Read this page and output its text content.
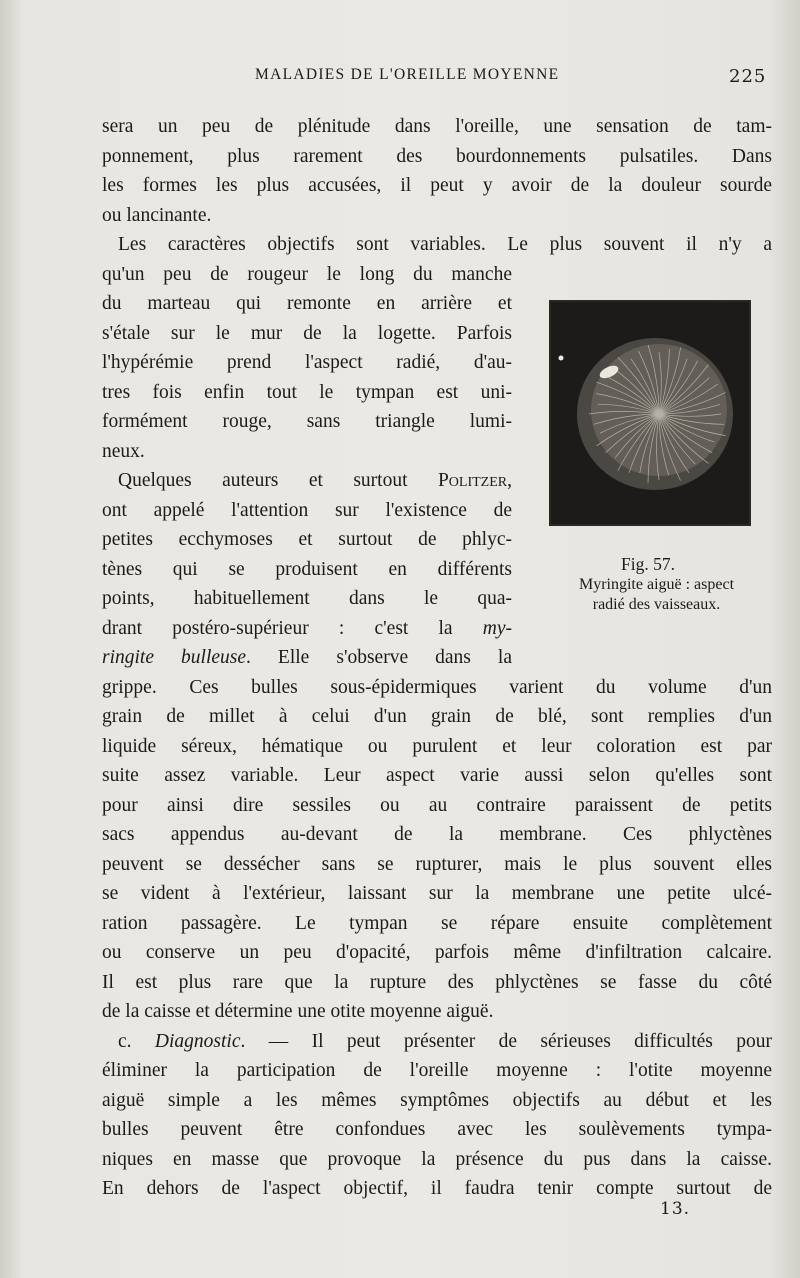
MALADIES DE L'OREILLE MOYENNE	225
sera un peu de plénitude dans l'oreille, une sensation de tam-
ponnement, plus rarement des bourdonnements pulsatiles. Dans
les formes les plus accusées, il peut y avoir de la douleur sourde
ou lancinante.
Les caractères objectifs sont variables. Le plus souvent il n'y a
qu'un peu de rougeur le long du manche
du marteau qui remonte en arrière et
s'étale sur le mur de la logette. Parfois
l'hypérémie prend l'aspect radié, d'au-
tres fois enfin tout le tympan est uni-
formément rouge, sans triangle lumi-
neux.
Quelques auteurs et surtout Politzer,
ont appelé l'attention sur l'existence de
petites ecchymoses et surtout de phlyc-
tènes qui se produisent en différents
points, habituellement dans le qua-
drant postéro-supérieur : c'est la my-
ringite bulleuse. Elle s'observe dans la
grippe. Ces bulles sous-épidermiques varient du volume d'un
grain de millet à celui d'un grain de blé, sont remplies d'un
liquide séreux, hématique ou purulent et leur coloration est par
suite assez variable. Leur aspect varie aussi selon qu'elles sont
pour ainsi dire sessiles ou au contraire paraissent de petits
sacs appendus au-devant de la membrane. Ces phlyctènes
peuvent se dessécher sans se rupturer, mais le plus souvent elles
se vident à l'extérieur, laissant sur la membrane une petite ulcé-
ration passagère. Le tympan se répare ensuite complètement
ou conserve un peu d'opacité, parfois même d'infiltration calcaire.
Il est plus rare que la rupture des phlyctènes se fasse du côté
de la caisse et détermine une otite moyenne aiguë.
c. Diagnostic. — Il peut présenter de sérieuses difficultés pour
éliminer la participation de l'oreille moyenne : l'otite moyenne
aiguë simple a les mêmes symptômes objectifs au début et les
bulles peuvent être confondues avec les soulèvements tympa-
niques en masse que provoque la présence du pus dans la caisse.
En dehors de l'aspect objectif, il faudra tenir compte surtout de
Fig. 57.
Myringite aiguë : aspect
radié des vaisseaux.
13.
